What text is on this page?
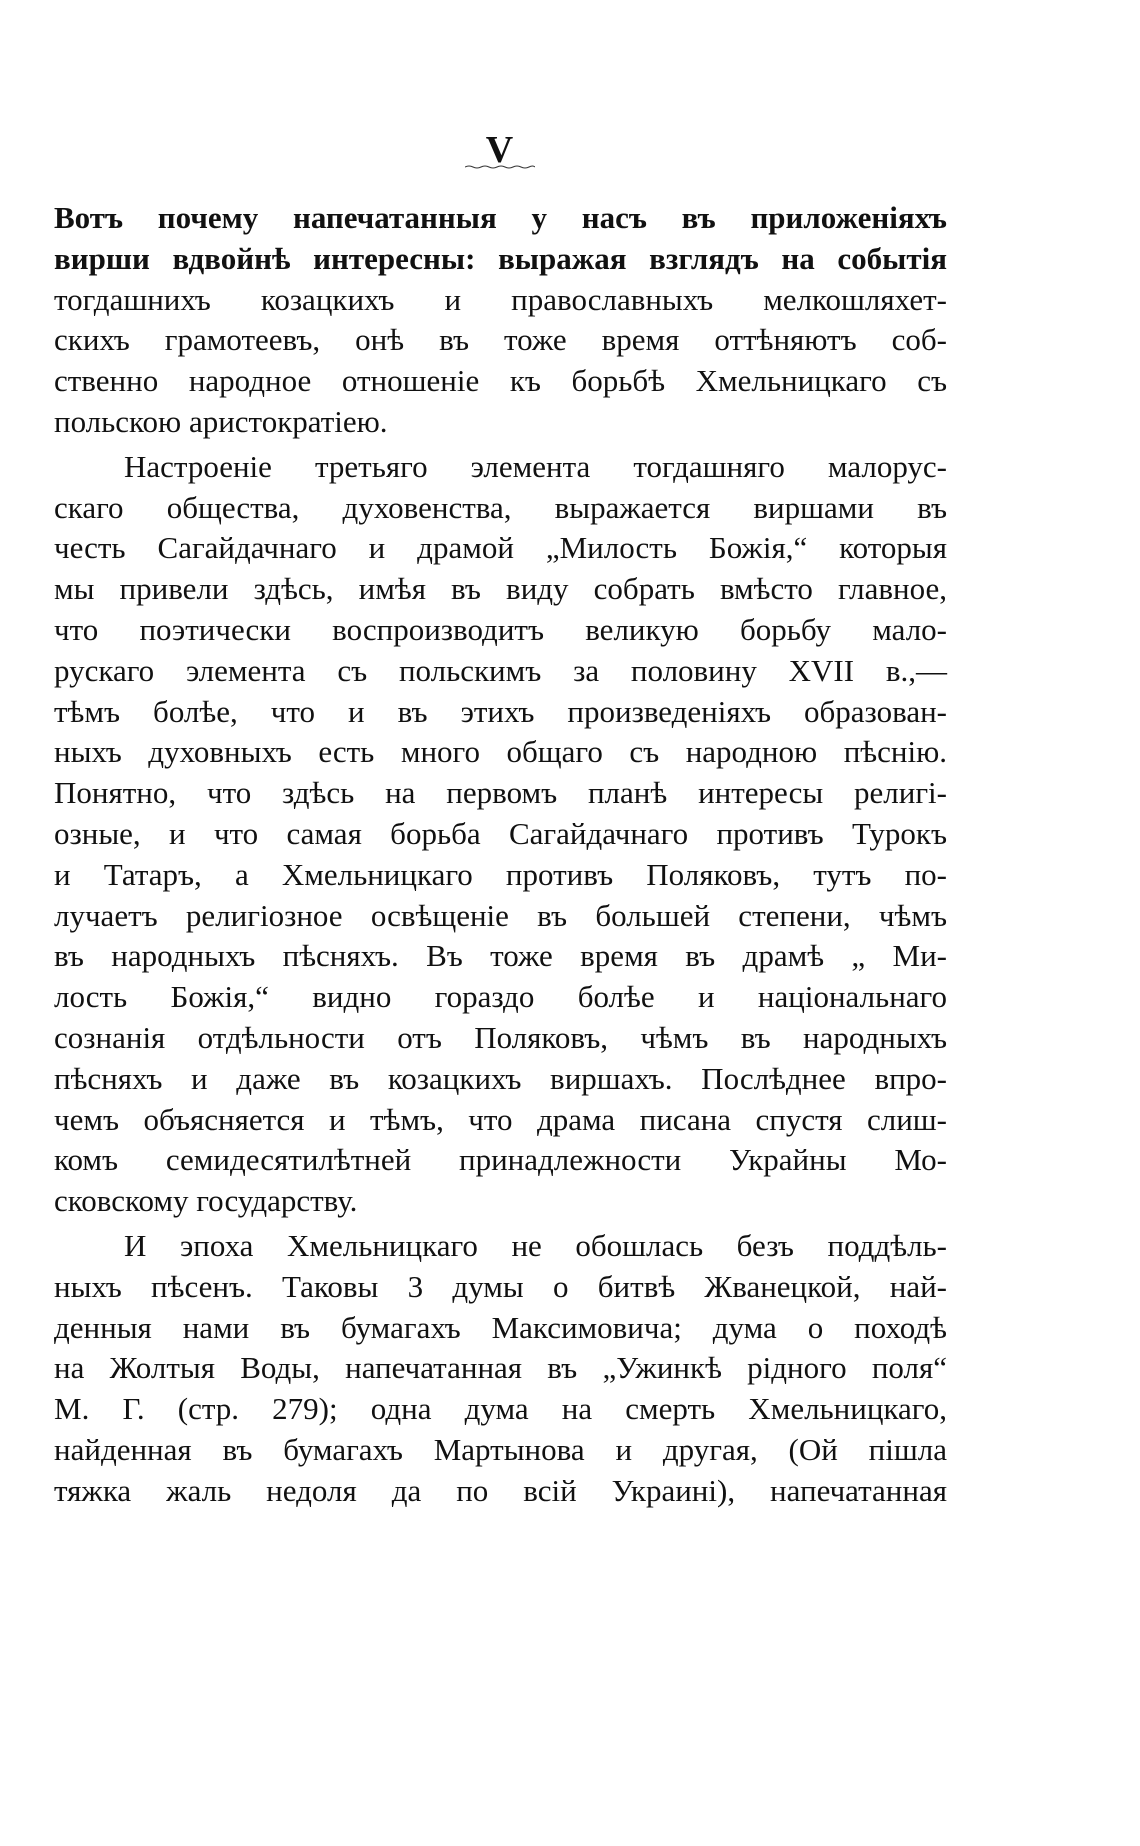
V
Вотъ почему напечатанныя у насъ въ приложеніяхъ
вирши вдвойнѣ интересны: выражая взглядъ на событія
тогдашнихъ козацкихъ и православныхъ мелкошляхет-
скихъ грамотеевъ, онѣ въ тоже время оттѣняютъ соб-
ственно народное отношеніе къ борьбѣ Хмельницкаго съ
польскою аристократіею.
Настроеніе третьяго элемента тогдашняго малорус-
скаго общества, духовенства, выражается виршами въ
честь Сагайдачнаго и драмой „Милость Божія,“ которыя
мы привели здѣсь, имѣя въ виду собрать вмѣсто главное,
что поэтически воспроизводитъ великую борьбу мало-
рускаго элемента съ польскимъ за половину XVII в.,—
тѣмъ болѣе, что и въ этихъ произведеніяхъ образован-
ныхъ духовныхъ есть много общаго съ народною пѣснію.
Понятно, что здѣсь на первомъ планѣ интересы религі-
озные, и что самая борьба Сагайдачнаго противъ Турокъ
и Татаръ, а Хмельницкаго противъ Поляковъ, тутъ по-
лучаетъ религіозное освѣщеніе въ большей степени, чѣмъ
въ народныхъ пѣсняхъ. Въ тоже время въ драмѣ „ Ми-
лость Божія,“ видно гораздо болѣе и національнаго
сознанія отдѣльности отъ Поляковъ, чѣмъ въ народныхъ
пѣсняхъ и даже въ козацкихъ виршахъ. Послѣднее впро-
чемъ объясняется и тѣмъ, что драма писана спустя слиш-
комъ семидесятилѣтней принадлежности Украйны Мо-
сковскому государству.
И эпоха Хмельницкаго не обошлась безъ поддѣль-
ныхъ пѣсенъ. Таковы 3 думы о битвѣ Жванецкой, най-
денныя нами въ бумагахъ Максимовича; дума о походѣ
на Жолтыя Воды, напечатанная въ „Ужинкѣ рідного поля“
М. Г. (стр. 279); одна дума на смерть Хмельницкаго,
найденная въ бумагахъ Мартынова и другая, (Ой пішла
тяжка жаль недоля да по всій Украині), напечатанная
